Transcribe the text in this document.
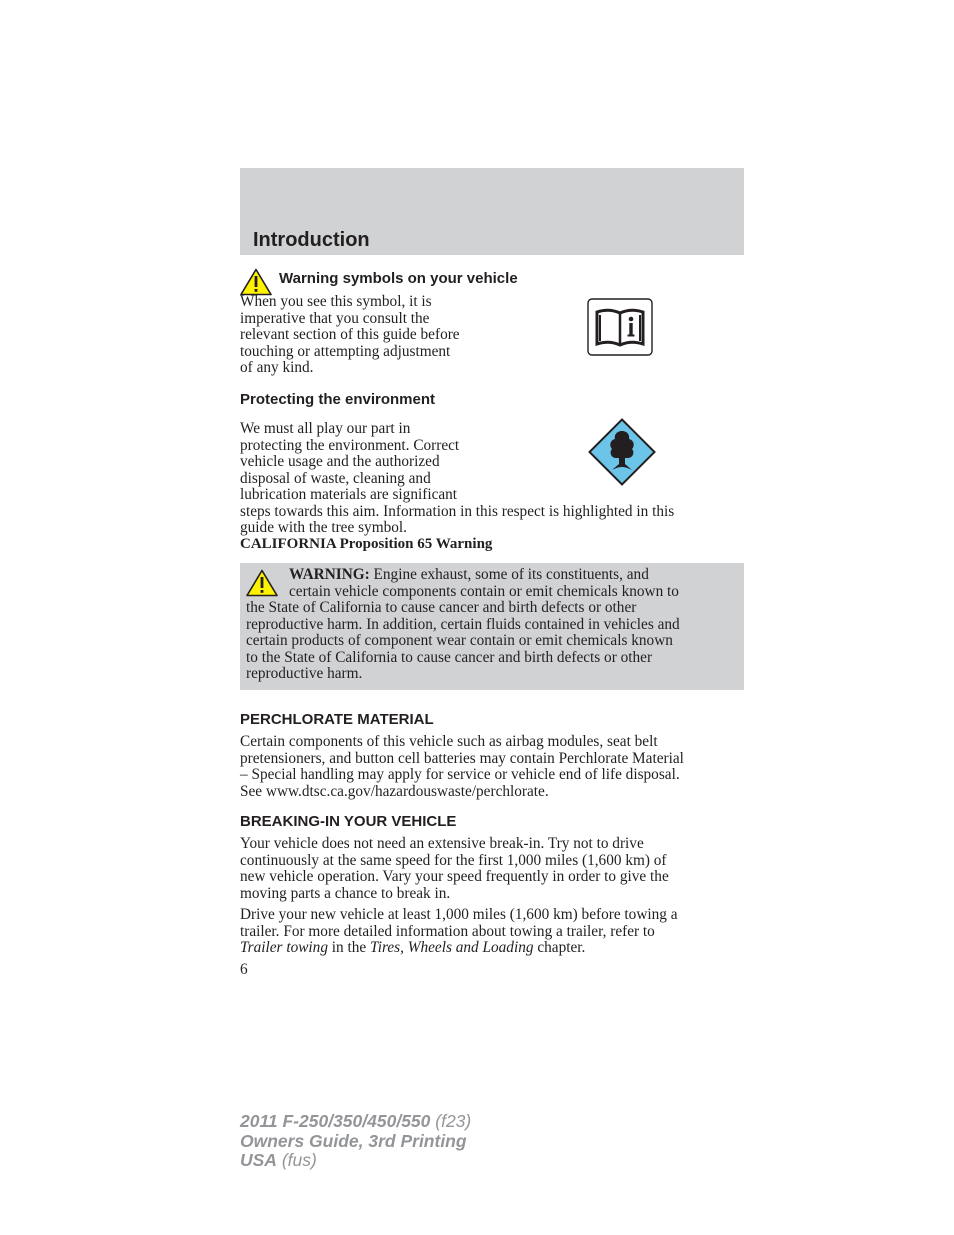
Introduction
Warning symbols on your vehicle
When you see this symbol, it is
imperative that you consult the
relevant section of this guide before
touching or attempting adjustment
of any kind.
Protecting the environment
We must all play our part in
protecting the environment. Correct
vehicle usage and the authorized
disposal of waste, cleaning and
lubrication materials are significant
steps towards this aim. Information in this respect is highlighted in this
guide with the tree symbol.
CALIFORNIA Proposition 65 Warning
WARNING: Engine exhaust, some of its constituents, and
certain vehicle components contain or emit chemicals known to
the State of California to cause cancer and birth defects or other
reproductive harm. In addition, certain fluids contained in vehicles and
certain products of component wear contain or emit chemicals known
to the State of California to cause cancer and birth defects or other
reproductive harm.
PERCHLORATE MATERIAL
Certain components of this vehicle such as airbag modules, seat belt
pretensioners, and button cell batteries may contain Perchlorate Material
– Special handling may apply for service or vehicle end of life disposal.
See www.dtsc.ca.gov/hazardouswaste/perchlorate.
BREAKING-IN YOUR VEHICLE
Your vehicle does not need an extensive break-in. Try not to drive
continuously at the same speed for the first 1,000 miles (1,600 km) of
new vehicle operation. Vary your speed frequently in order to give the
moving parts a chance to break in.
Drive your new vehicle at least 1,000 miles (1,600 km) before towing a
trailer. For more detailed information about towing a trailer, refer to
Trailer towing in the Tires, Wheels and Loading chapter.
6
2011 F-250/350/450/550 (f23)
Owners Guide, 3rd Printing
USA (fus)
